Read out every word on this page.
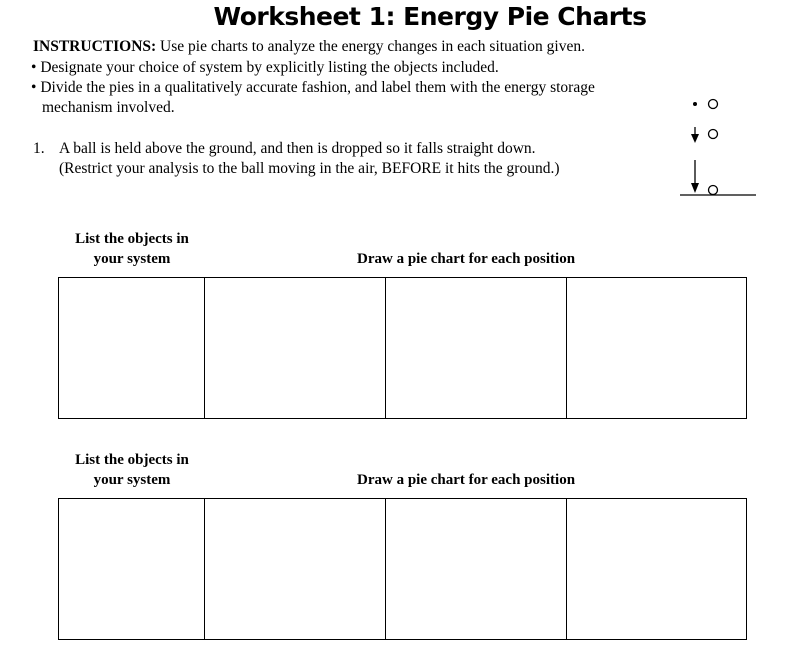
Worksheet 1: Energy Pie Charts
INSTRUCTIONS: Use pie charts to analyze the energy changes in each situation given.
• Designate your choice of system by explicitly listing the objects included.
• Divide the pies in a qualitatively accurate fashion, and label them with the energy storage
mechanism involved.
1. A ball is held above the ground, and then is dropped so it falls straight down.
(Restrict your analysis to the ball moving in the air, BEFORE it hits the ground.)
List the objects in
your system	Draw a pie chart for each position
List the objects in
your system	Draw a pie chart for each position
